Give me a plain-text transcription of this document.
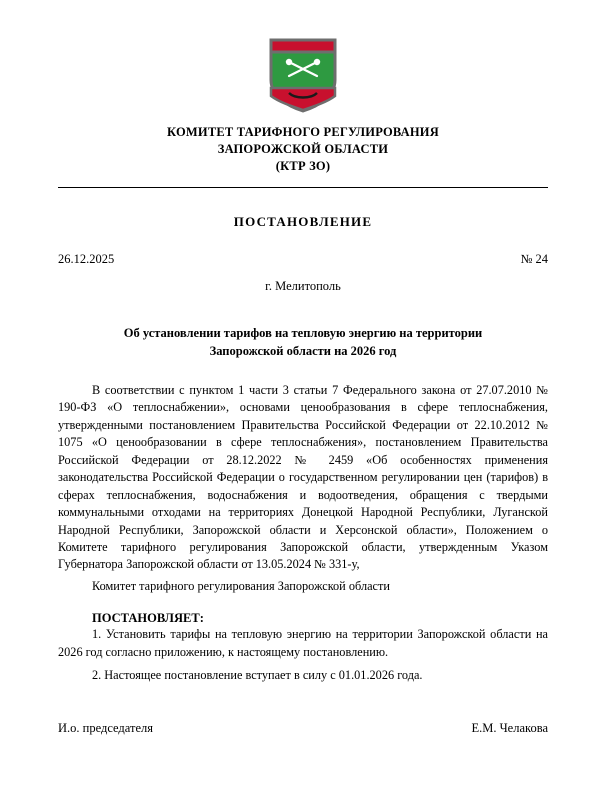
КОМИТЕТ ТАРИФНОГО РЕГУЛИРОВАНИЯ
ЗАПОРОЖСКОЙ ОБЛАСТИ
(КТР ЗО)
ПОСТАНОВЛЕНИЕ
26.12.2025	№ 24
г. Мелитополь
Об установлении тарифов на тепловую энергию на территории
Запорожской области на 2026 год

В соответствии с пунктом 1 части 3 статьи 7 Федерального закона от 27.07.2010 № 190-ФЗ «О теплоснабжении», основами ценообразования в сфере теплоснабжения, утвержденными постановлением Правительства Российской Федерации от 22.10.2012 № 1075 «О ценообразовании в сфере теплоснабжения», постановлением Правительства Российской Федерации от 28.12.2022 № 2459 «Об особенностях применения законодательства Российской Федерации о государственном регулировании цен (тарифов) в сферах теплоснабжения, водоснабжения и водоотведения, обращения с твердыми коммунальными отходами на территориях Донецкой Народной Республики, Луганской Народной Республики, Запорожской области и Херсонской области», Положением о Комитете тарифного регулирования Запорожской области, утвержденным Указом Губернатора Запорожской области от 13.05.2024 № 331-у,

Комитет тарифного регулирования Запорожской области

ПОСТАНОВЛЯЕТ:

1. Установить тарифы на тепловую энергию на территории Запорожской области на 2026 год согласно приложению, к настоящему постановлению.

2. Настоящее постановление вступает в силу с 01.01.2026 года.

И.о. председателя	Е.М. Челакова
